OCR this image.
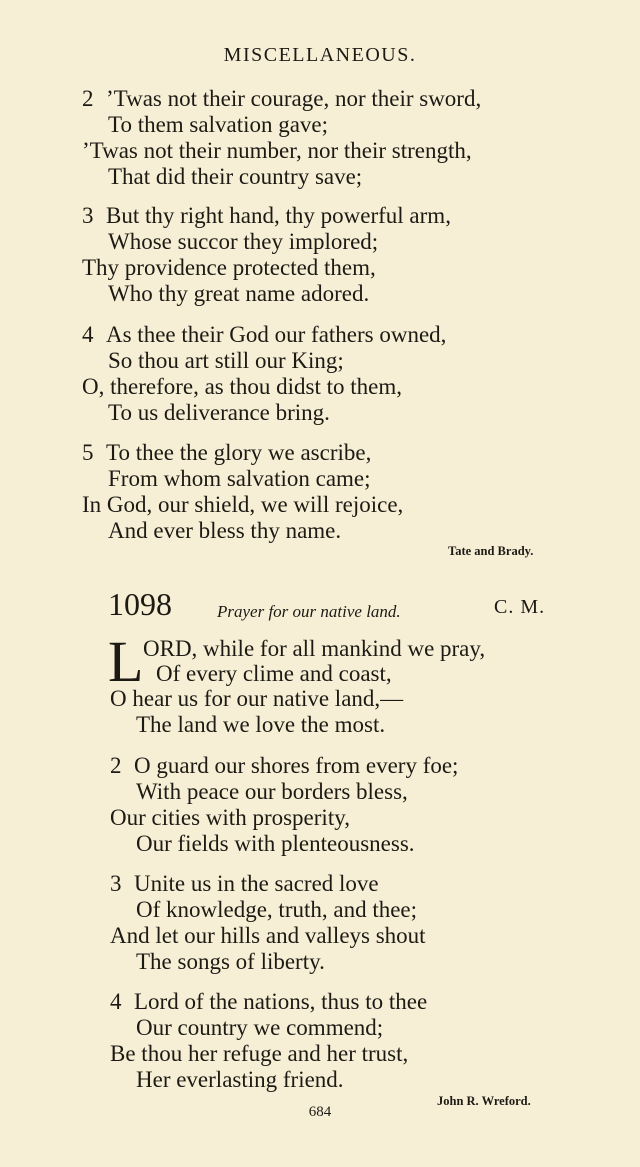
MISCELLANEOUS.
2 ’Twas not their courage, nor their sword,
To them salvation gave;
’Twas not their number, nor their strength,
That did their country save;
3 But thy right hand, thy powerful arm,
Whose succor they implored;
Thy providence protected them,
Who thy great name adored.
4 As thee their God our fathers owned,
So thou art still our King;
O, therefore, as thou didst to them,
To us deliverance bring.
5 To thee the glory we ascribe,
From whom salvation came;
In God, our shield, we will rejoice,
And ever bless thy name.
Tate and Brady.
1098	Prayer for our native land.	C. M.
L ORD, while for all mankind we pray,
Of every clime and coast,
O hear us for our native land,—
The land we love the most.
2 O guard our shores from every foe;
With peace our borders bless,
Our cities with prosperity,
Our fields with plenteousness.
3 Unite us in the sacred love
Of knowledge, truth, and thee;
And let our hills and valleys shout
The songs of liberty.
4 Lord of the nations, thus to thee
Our country we commend;
Be thou her refuge and her trust,
Her everlasting friend.
John R. Wreford.
684
